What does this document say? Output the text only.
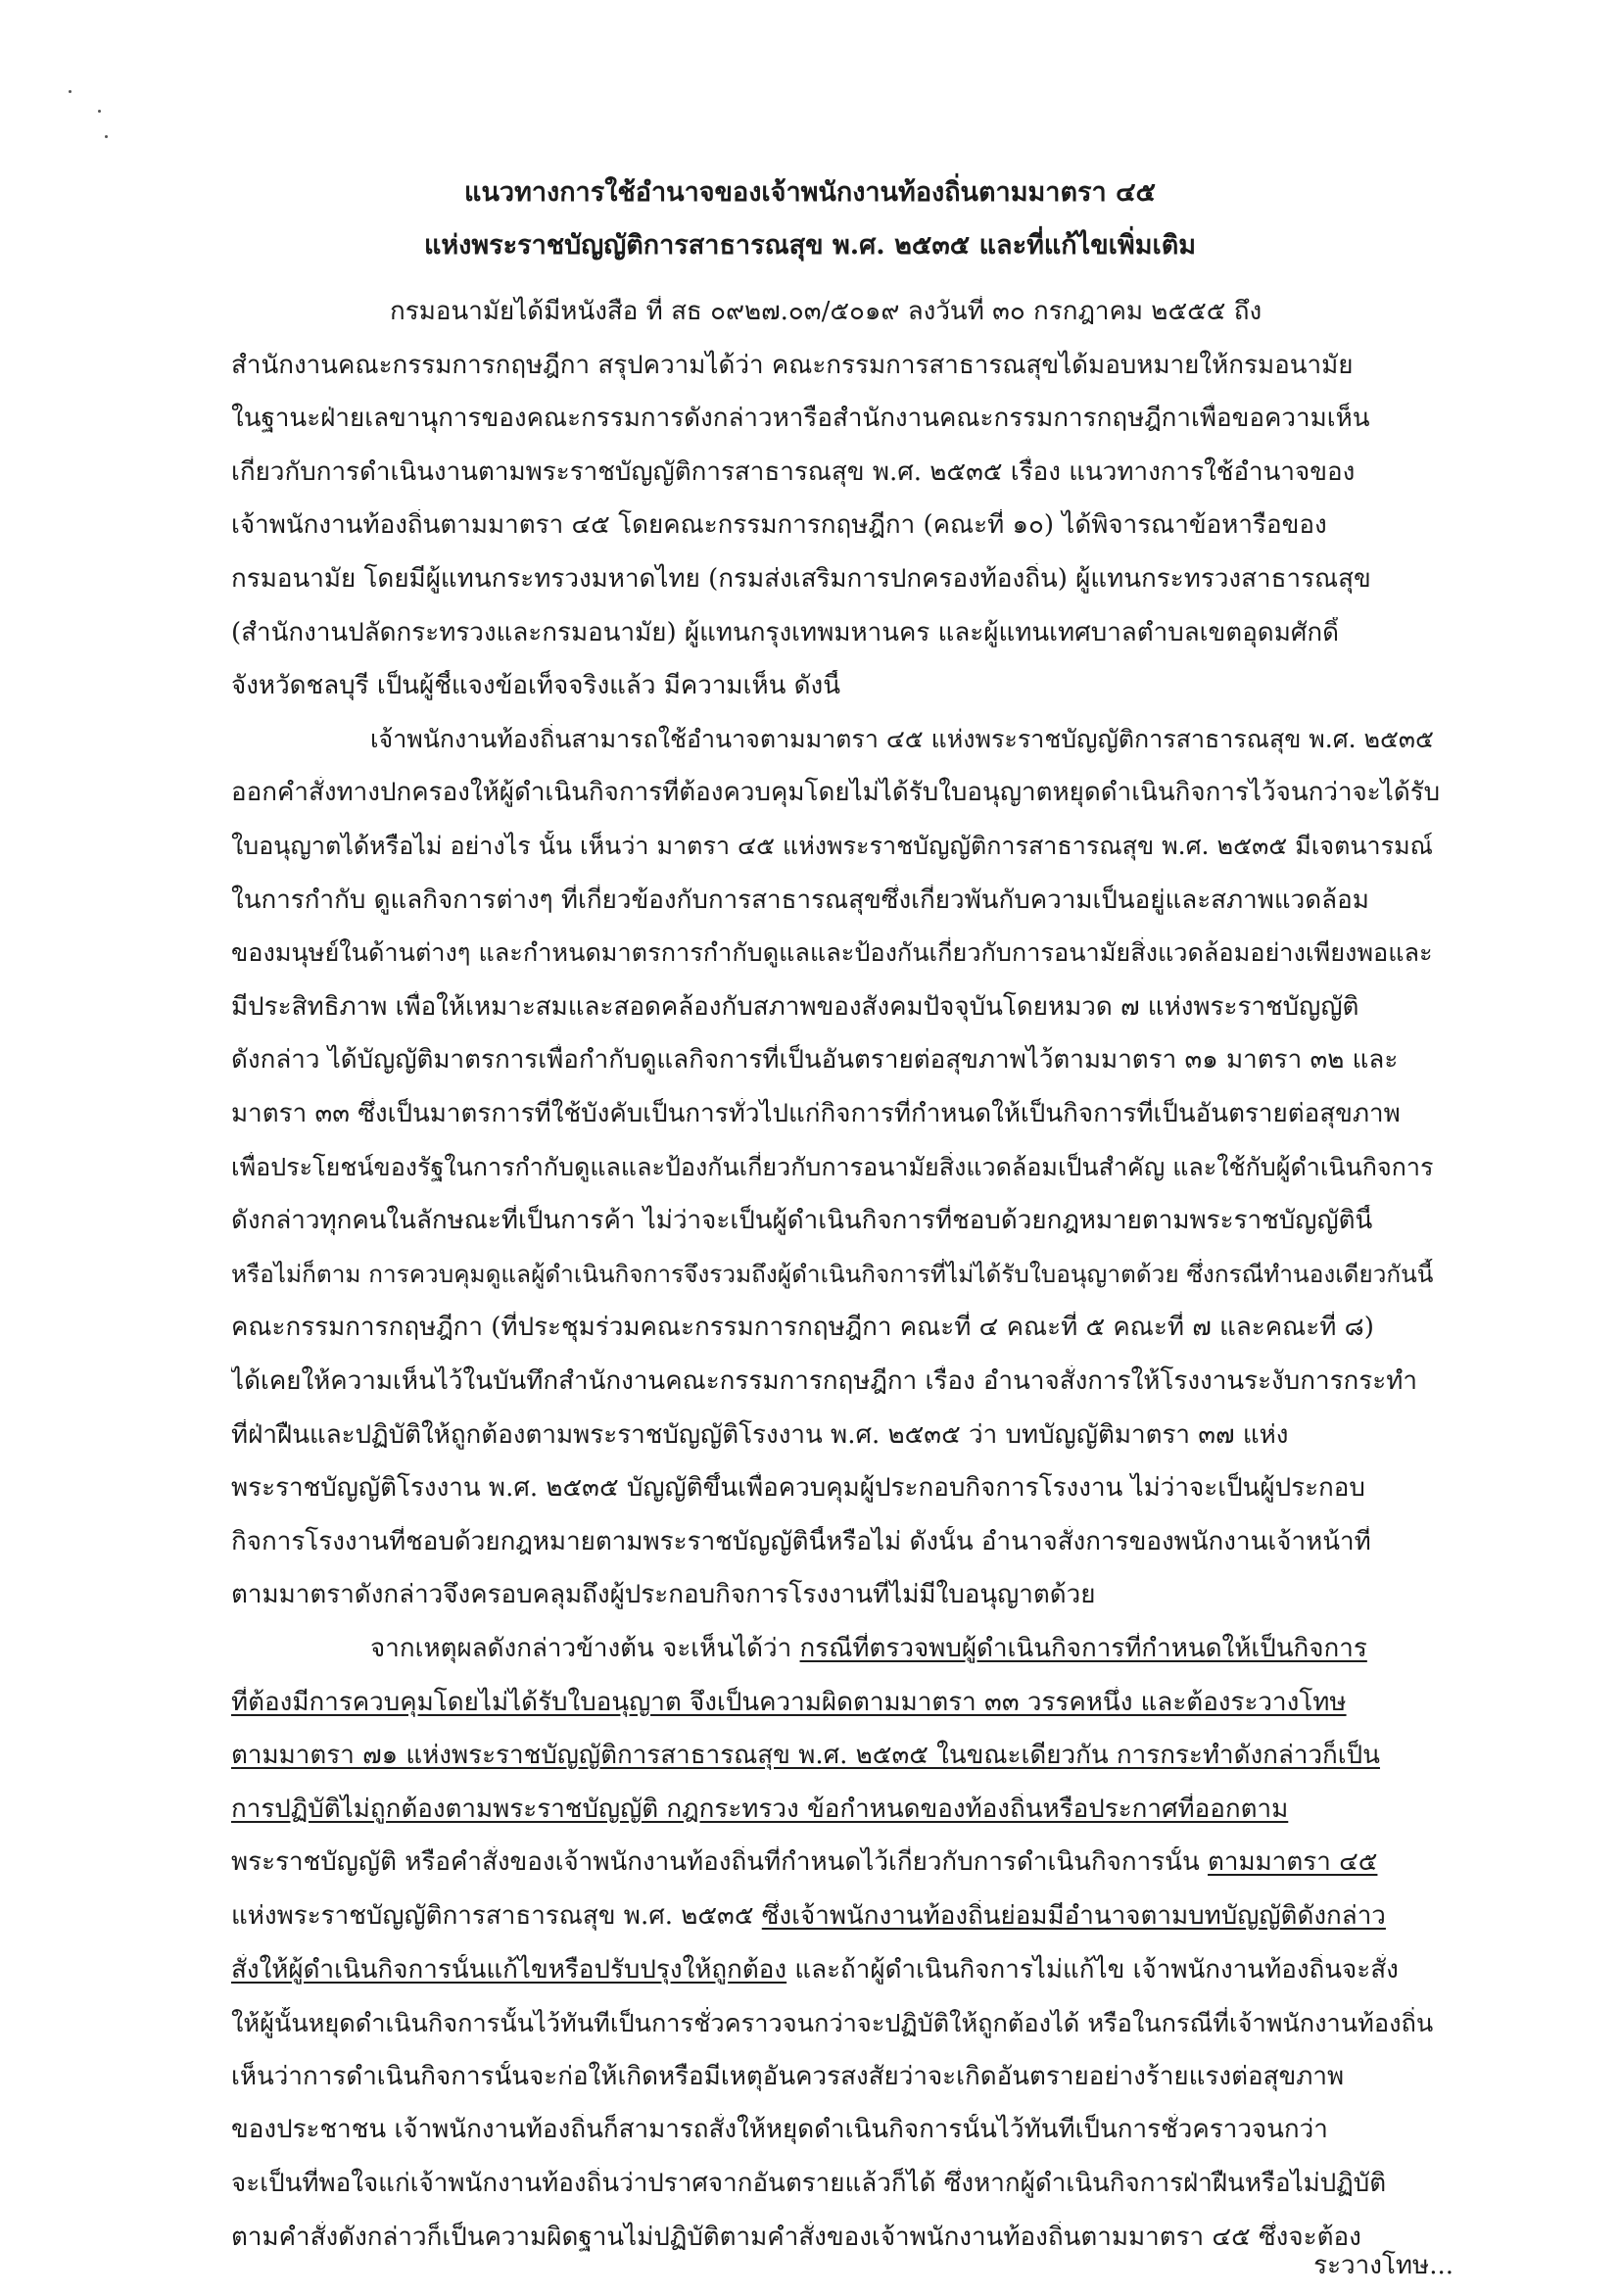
แนวทางการใช้อำนาจของเจ้าพนักงานท้องถิ่นตามมาตรา ๔๕
แห่งพระราชบัญญัติการสาธารณสุข พ.ศ. ๒๕๓๕ และที่แก้ไขเพิ่มเติม
กรมอนามัยได้มีหนังสือ ที่ สธ ๐๙๒๗.๐๓/๕๐๑๙ ลงวันที่ ๓๐ กรกฎาคม ๒๕๕๕ ถึง
สำนักงานคณะกรรมการกฤษฎีกา สรุปความได้ว่า คณะกรรมการสาธารณสุขได้มอบหมายให้กรมอนามัย
ในฐานะฝ่ายเลขานุการของคณะกรรมการดังกล่าวหารือสำนักงานคณะกรรมการกฤษฎีกาเพื่อขอความเห็น
เกี่ยวกับการดำเนินงานตามพระราชบัญญัติการสาธารณสุข พ.ศ. ๒๕๓๕ เรื่อง แนวทางการใช้อำนาจของ
เจ้าพนักงานท้องถิ่นตามมาตรา ๔๕ โดยคณะกรรมการกฤษฎีกา (คณะที่ ๑๐) ได้พิจารณาข้อหารือของ
กรมอนามัย โดยมีผู้แทนกระทรวงมหาดไทย (กรมส่งเสริมการปกครองท้องถิ่น) ผู้แทนกระทรวงสาธารณสุข
(สำนักงานปลัดกระทรวงและกรมอนามัย) ผู้แทนกรุงเทพมหานคร และผู้แทนเทศบาลตำบลเขตอุดมศักดิ์
จังหวัดชลบุรี เป็นผู้ชี้แจงข้อเท็จจริงแล้ว มีความเห็น ดังนี้
เจ้าพนักงานท้องถิ่นสามารถใช้อำนาจตามมาตรา ๔๕ แห่งพระราชบัญญัติการสาธารณสุข พ.ศ. ๒๕๓๕
ออกคำสั่งทางปกครองให้ผู้ดำเนินกิจการที่ต้องควบคุมโดยไม่ได้รับใบอนุญาตหยุดดำเนินกิจการไว้จนกว่าจะได้รับ
ใบอนุญาตได้หรือไม่ อย่างไร นั้น เห็นว่า มาตรา ๔๕ แห่งพระราชบัญญัติการสาธารณสุข พ.ศ. ๒๕๓๕ มีเจตนารมณ์
ในการกำกับ ดูแลกิจการต่างๆ ที่เกี่ยวข้องกับการสาธารณสุขซึ่งเกี่ยวพันกับความเป็นอยู่และสภาพแวดล้อม
ของมนุษย์ในด้านต่างๆ และกำหนดมาตรการกำกับดูแลและป้องกันเกี่ยวกับการอนามัยสิ่งแวดล้อมอย่างเพียงพอและ
มีประสิทธิภาพ เพื่อให้เหมาะสมและสอดคล้องกับสภาพของสังคมปัจจุบันโดยหมวด ๗ แห่งพระราชบัญญัติ
ดังกล่าว ได้บัญญัติมาตรการเพื่อกำกับดูแลกิจการที่เป็นอันตรายต่อสุขภาพไว้ตามมาตรา ๓๑ มาตรา ๓๒ และ
มาตรา ๓๓ ซึ่งเป็นมาตรการที่ใช้บังคับเป็นการทั่วไปแก่กิจการที่กำหนดให้เป็นกิจการที่เป็นอันตรายต่อสุขภาพ
เพื่อประโยชน์ของรัฐในการกำกับดูแลและป้องกันเกี่ยวกับการอนามัยสิ่งแวดล้อมเป็นสำคัญ และใช้กับผู้ดำเนินกิจการ
ดังกล่าวทุกคนในลักษณะที่เป็นการค้า ไม่ว่าจะเป็นผู้ดำเนินกิจการที่ชอบด้วยกฎหมายตามพระราชบัญญัตินี้
หรือไม่ก็ตาม การควบคุมดูแลผู้ดำเนินกิจการจึงรวมถึงผู้ดำเนินกิจการที่ไม่ได้รับใบอนุญาตด้วย ซึ่งกรณีทำนองเดียวกันนี้
คณะกรรมการกฤษฎีกา (ที่ประชุมร่วมคณะกรรมการกฤษฎีกา คณะที่ ๔ คณะที่ ๕ คณะที่ ๗ และคณะที่ ๘)
ได้เคยให้ความเห็นไว้ในบันทึกสำนักงานคณะกรรมการกฤษฎีกา เรื่อง อำนาจสั่งการให้โรงงานระงับการกระทำ
ที่ฝ่าฝืนและปฏิบัติให้ถูกต้องตามพระราชบัญญัติโรงงาน พ.ศ. ๒๕๓๕ ว่า บทบัญญัติมาตรา ๓๗ แห่ง
พระราชบัญญัติโรงงาน พ.ศ. ๒๕๓๕ บัญญัติขึ้นเพื่อควบคุมผู้ประกอบกิจการโรงงาน ไม่ว่าจะเป็นผู้ประกอบ
กิจการโรงงานที่ชอบด้วยกฎหมายตามพระราชบัญญัตินี้หรือไม่ ดังนั้น อำนาจสั่งการของพนักงานเจ้าหน้าที่
ตามมาตราดังกล่าวจึงครอบคลุมถึงผู้ประกอบกิจการโรงงานที่ไม่มีใบอนุญาตด้วย
จากเหตุผลดังกล่าวข้างต้น จะเห็นได้ว่า กรณีที่ตรวจพบผู้ดำเนินกิจการที่กำหนดให้เป็นกิจการ
ที่ต้องมีการควบคุมโดยไม่ได้รับใบอนุญาต จึงเป็นความผิดตามมาตรา ๓๓ วรรคหนึ่ง และต้องระวางโทษ
ตามมาตรา ๗๑ แห่งพระราชบัญญัติการสาธารณสุข พ.ศ. ๒๕๓๕ ในขณะเดียวกัน การกระทำดังกล่าวก็เป็น
การปฏิบัติไม่ถูกต้องตามพระราชบัญญัติ กฎกระทรวง ข้อกำหนดของท้องถิ่นหรือประกาศที่ออกตาม
พระราชบัญญัติ หรือคำสั่งของเจ้าพนักงานท้องถิ่นที่กำหนดไว้เกี่ยวกับการดำเนินกิจการนั้น ตามมาตรา ๔๕
แห่งพระราชบัญญัติการสาธารณสุข พ.ศ. ๒๕๓๕ ซึ่งเจ้าพนักงานท้องถิ่นย่อมมีอำนาจตามบทบัญญัติดังกล่าว
สั่งให้ผู้ดำเนินกิจการนั้นแก้ไขหรือปรับปรุงให้ถูกต้อง และถ้าผู้ดำเนินกิจการไม่แก้ไข เจ้าพนักงานท้องถิ่นจะสั่ง
ให้ผู้นั้นหยุดดำเนินกิจการนั้นไว้ทันทีเป็นการชั่วคราวจนกว่าจะปฏิบัติให้ถูกต้องได้ หรือในกรณีที่เจ้าพนักงานท้องถิ่น
เห็นว่าการดำเนินกิจการนั้นจะก่อให้เกิดหรือมีเหตุอันควรสงสัยว่าจะเกิดอันตรายอย่างร้ายแรงต่อสุขภาพ
ของประชาชน เจ้าพนักงานท้องถิ่นก็สามารถสั่งให้หยุดดำเนินกิจการนั้นไว้ทันทีเป็นการชั่วคราวจนกว่า
จะเป็นที่พอใจแก่เจ้าพนักงานท้องถิ่นว่าปราศจากอันตรายแล้วก็ได้ ซึ่งหากผู้ดำเนินกิจการฝ่าฝืนหรือไม่ปฏิบัติ
ตามคำสั่งดังกล่าวก็เป็นความผิดฐานไม่ปฏิบัติตามคำสั่งของเจ้าพนักงานท้องถิ่นตามมาตรา ๔๕ ซึ่งจะต้อง
ระวางโทษ...
